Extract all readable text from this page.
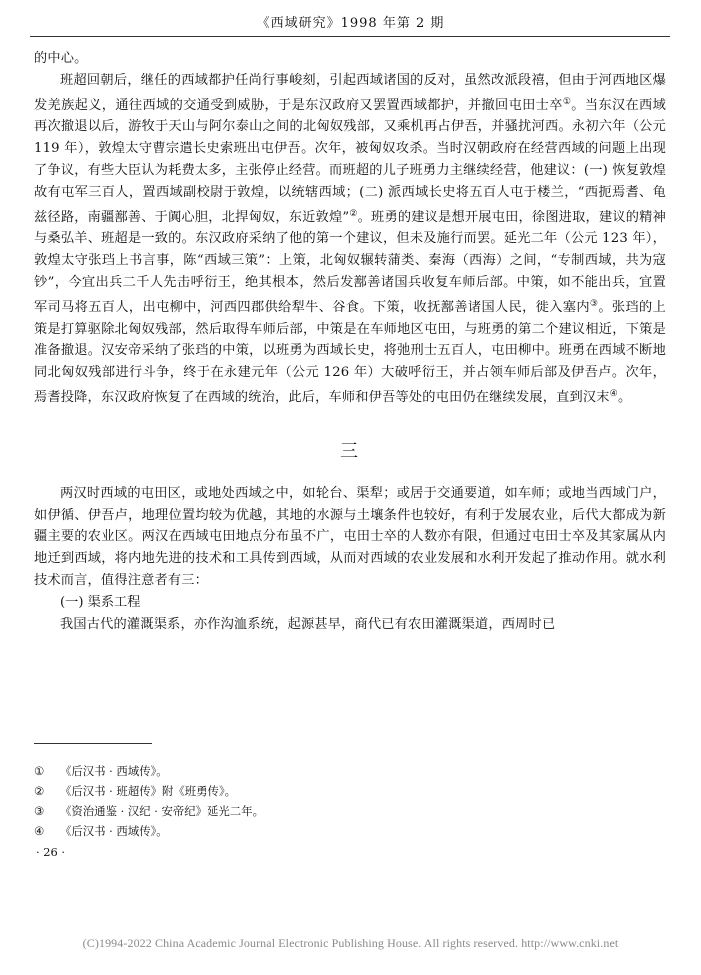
《西域研究》1998 年第 2 期

的中心。

班超回朝后，继任的西域都护任尚行事峻刻，引起西域诸国的反对，虽然改派段禧，但由于河西地区爆发羌族起义，通往西域的交通受到威胁，于是东汉政府又罢置西域都护，并撤回屯田士卒①。当东汉在西域再次撤退以后，游牧于天山与阿尔泰山之间的北匈奴残部，又乘机再占伊吾，并骚扰河西。永初六年（公元 119 年），敦煌太守曹宗遣长史索班出屯伊吾。次年，被匈奴攻杀。当时汉朝政府在经营西域的问题上出现了争议，有些大臣认为耗费太多，主张停止经营。而班超的儿子班勇力主继续经营，他建议：(一) 恢复敦煌故有屯军三百人，置西域副校尉于敦煌，以统辖西域；(二) 派西域长史将五百人屯于楼兰，“西扼焉耆、龟兹径路，南疆鄯善、于阗心胆，北捍匈奴，东近敦煌”②。班勇的建议是想开展屯田，徐图进取，建议的精神与桑弘羊、班超是一致的。东汉政府采纳了他的第一个建议，但未及施行而罢。延光二年（公元 123 年），敦煌太守张珰上书言事，陈“西域三策”：上策，北匈奴辗转蒲类、秦海（西海）之间，“专制西域，共为寇钞”，今宜出兵二千人先击呼衍王，绝其根本，然后发鄯善诸国兵收复车师后部。中策，如不能出兵，宜置军司马将五百人，出屯柳中，河西四郡供给犁牛、谷食。下策，收抚鄯善诸国人民，徙入塞内③。张珰的上策是打算驱除北匈奴残部，然后取得车师后部，中策是在车师地区屯田，与班勇的第二个建议相近，下策是准备撤退。汉安帝采纳了张珰的中策，以班勇为西域长史，将弛刑士五百人，屯田柳中。班勇在西域不断地同北匈奴残部进行斗争，终于在永建元年（公元 126 年）大破呼衍王，并占领车师后部及伊吾卢。次年，焉耆投降，东汉政府恢复了在西域的统治，此后，车师和伊吾等处的屯田仍在继续发展，直到汉末④。

三

两汉时西域的屯田区，或地处西域之中，如轮台、渠犁；或居于交通要道，如车师；或地当西域门户，如伊循、伊吾卢，地理位置均较为优越，其地的水源与土壤条件也较好，有利于发展农业，后代大都成为新疆主要的农业区。两汉在西域屯田地点分布虽不广，屯田士卒的人数亦有限，但通过屯田士卒及其家属从内地迁到西域，将内地先进的技术和工具传到西域，从而对西域的农业发展和水利开发起了推动作用。就水利技术而言，值得注意者有三：

(一) 渠系工程

我国古代的灌溉渠系，亦作沟洫系统，起源甚早，商代已有农田灌溉渠道，西周时已

① 《后汉书 · 西域传》。
② 《后汉书 · 班超传》附《班勇传》。
③ 《资治通鉴 · 汉纪 · 安帝纪》延光二年。
④ 《后汉书 · 西域传》。
· 26 ·
(C)1994-2022 China Academic Journal Electronic Publishing House. All rights reserved. http://www.cnki.net
